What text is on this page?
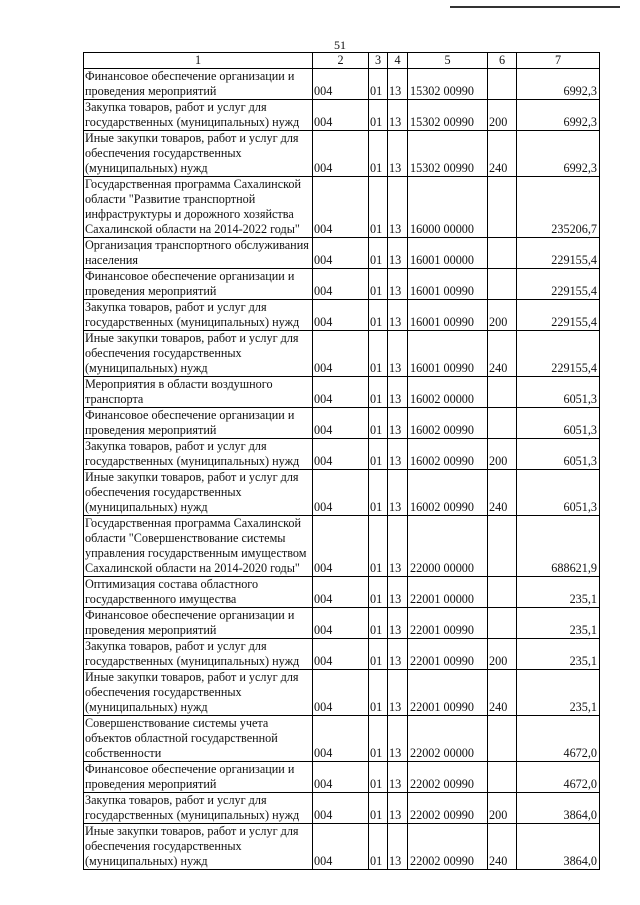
51
1	2	3	4	5	6	7
Финансовое обеспечение организации и проведения мероприятий	004	01	13	15302 00990		6992,3
Закупка товаров, работ и услуг для государственных (муниципальных) нужд	004	01	13	15302 00990	200	6992,3
Иные закупки товаров, работ и услуг для обеспечения государственных (муниципальных) нужд	004	01	13	15302 00990	240	6992,3
Государственная программа Сахалинской области "Развитие транспортной инфраструктуры и дорожного хозяйства Сахалинской области на 2014-2022 годы"	004	01	13	16000 00000		235206,7
Организация транспортного обслуживания населения	004	01	13	16001 00000		229155,4
Финансовое обеспечение организации и проведения мероприятий	004	01	13	16001 00990		229155,4
Закупка товаров, работ и услуг для государственных (муниципальных) нужд	004	01	13	16001 00990	200	229155,4
Иные закупки товаров, работ и услуг для обеспечения государственных (муниципальных) нужд	004	01	13	16001 00990	240	229155,4
Мероприятия в области воздушного транспорта	004	01	13	16002 00000		6051,3
Финансовое обеспечение организации и проведения мероприятий	004	01	13	16002 00990		6051,3
Закупка товаров, работ и услуг для государственных (муниципальных) нужд	004	01	13	16002 00990	200	6051,3
Иные закупки товаров, работ и услуг для обеспечения государственных (муниципальных) нужд	004	01	13	16002 00990	240	6051,3
Государственная программа Сахалинской области "Совершенствование системы управления государственным имуществом Сахалинской области на 2014-2020 годы"	004	01	13	22000 00000		688621,9
Оптимизация состава областного государственного имущества	004	01	13	22001 00000		235,1
Финансовое обеспечение организации и проведения мероприятий	004	01	13	22001 00990		235,1
Закупка товаров, работ и услуг для государственных (муниципальных) нужд	004	01	13	22001 00990	200	235,1
Иные закупки товаров, работ и услуг для обеспечения государственных (муниципальных) нужд	004	01	13	22001 00990	240	235,1
Совершенствование системы учета объектов областной государственной собственности	004	01	13	22002 00000		4672,0
Финансовое обеспечение организации и проведения мероприятий	004	01	13	22002 00990		4672,0
Закупка товаров, работ и услуг для государственных (муниципальных) нужд	004	01	13	22002 00990	200	3864,0
Иные закупки товаров, работ и услуг для обеспечения государственных (муниципальных) нужд	004	01	13	22002 00990	240	3864,0
